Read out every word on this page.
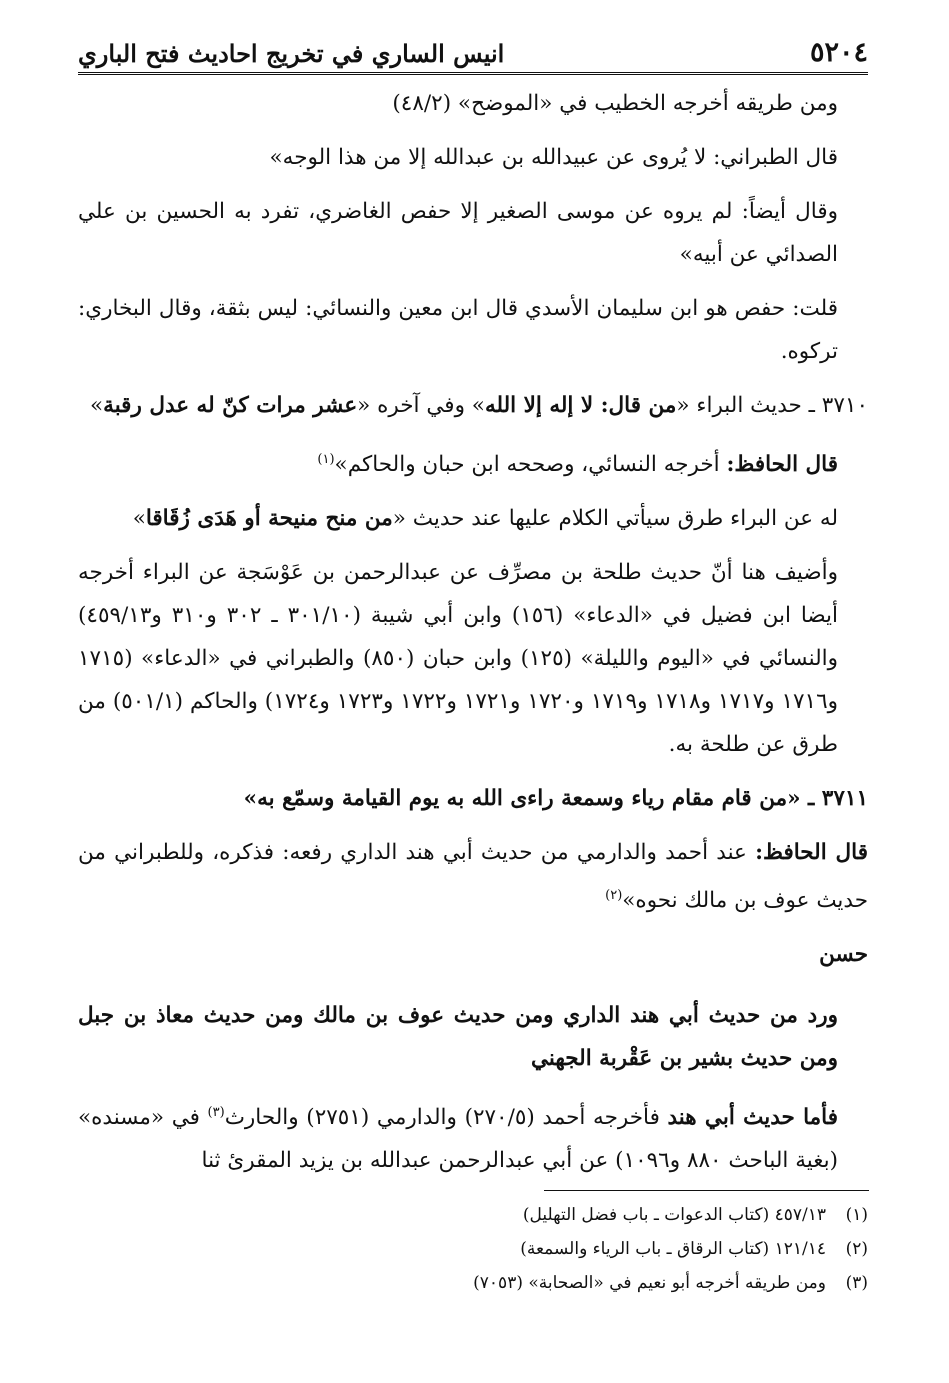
٥٢٠٤
انيس الساري في تخريج احاديث فتح الباري

ومن طريقه أخرجه الخطيب في «الموضح» (٤٨/٢)

قال الطبراني: لا يُروى عن عبيدالله بن عبدالله إلا من هذا الوجه»

وقال أيضاً: لم يروه عن موسى الصغير إلا حفص الغاضري، تفرد به الحسين بن علي الصدائي عن أبيه»

قلت: حفص هو ابن سليمان الأسدي قال ابن معين والنسائي: ليس بثقة، وقال البخاري: تركوه.

٣٧١٠ ـ حديث البراء «من قال: لا إله إلا الله» وفي آخره «عشر مرات كنّ له عدل رقبة»

قال الحافظ: أخرجه النسائي، وصححه ابن حبان والحاكم»$^{(١)}$

له عن البراء طرق سيأتي الكلام عليها عند حديث «من منح منيحة أو هَدَى زُقَاقا»

وأضيف هنا أنّ حديث طلحة بن مصرِّف عن عبدالرحمن بن عَوْسَجة عن البراء أخرجه أيضا ابن فضيل في «الدعاء» (١٥٦) وابن أبي شيبة (٣٠١/١٠ ـ ٣٠٢ و٣١٠ و٤٥٩/١٣) والنسائي في «اليوم والليلة» (١٢٥) وابن حبان (٨٥٠) والطبراني في «الدعاء» (١٧١٥ و١٧١٦ و١٧١٧ و١٧١٨ و١٧١٩ و١٧٢٠ و١٧٢١ و١٧٢٢ و١٧٢٣ و١٧٢٤) والحاكم (٥٠١/١) من طرق عن طلحة به.

٣٧١١ ـ «من قام مقام رياء وسمعة راءى الله به يوم القيامة وسمّع به»

قال الحافظ: عند أحمد والدارمي من حديث أبي هند الداري رفعه: فذكره، وللطبراني من حديث عوف بن مالك نحوه»$^{(٢)}$

حسن

ورد من حديث أبي هند الداري ومن حديث عوف بن مالك ومن حديث معاذ بن جبل ومن حديث بشير بن عَقْربة الجهني

فأما حديث أبي هند فأخرجه أحمد (٢٧٠/٥) والدارمي (٢٧٥١) والحارث$^{(٣)}$ في «مسنده» (بغية الباحث ٨٨٠ و١٠٩٦) عن أبي عبدالرحمن عبدالله بن يزيد المقرئ ثنا

(١)
٤٥٧/١٣ (كتاب الدعوات ـ باب فضل التهليل)
(٢)
١٢١/١٤ (كتاب الرقاق ـ باب الرياء والسمعة)
(٣)
ومن طريقه أخرجه أبو نعيم في «الصحابة» (٧٠٥٣)
